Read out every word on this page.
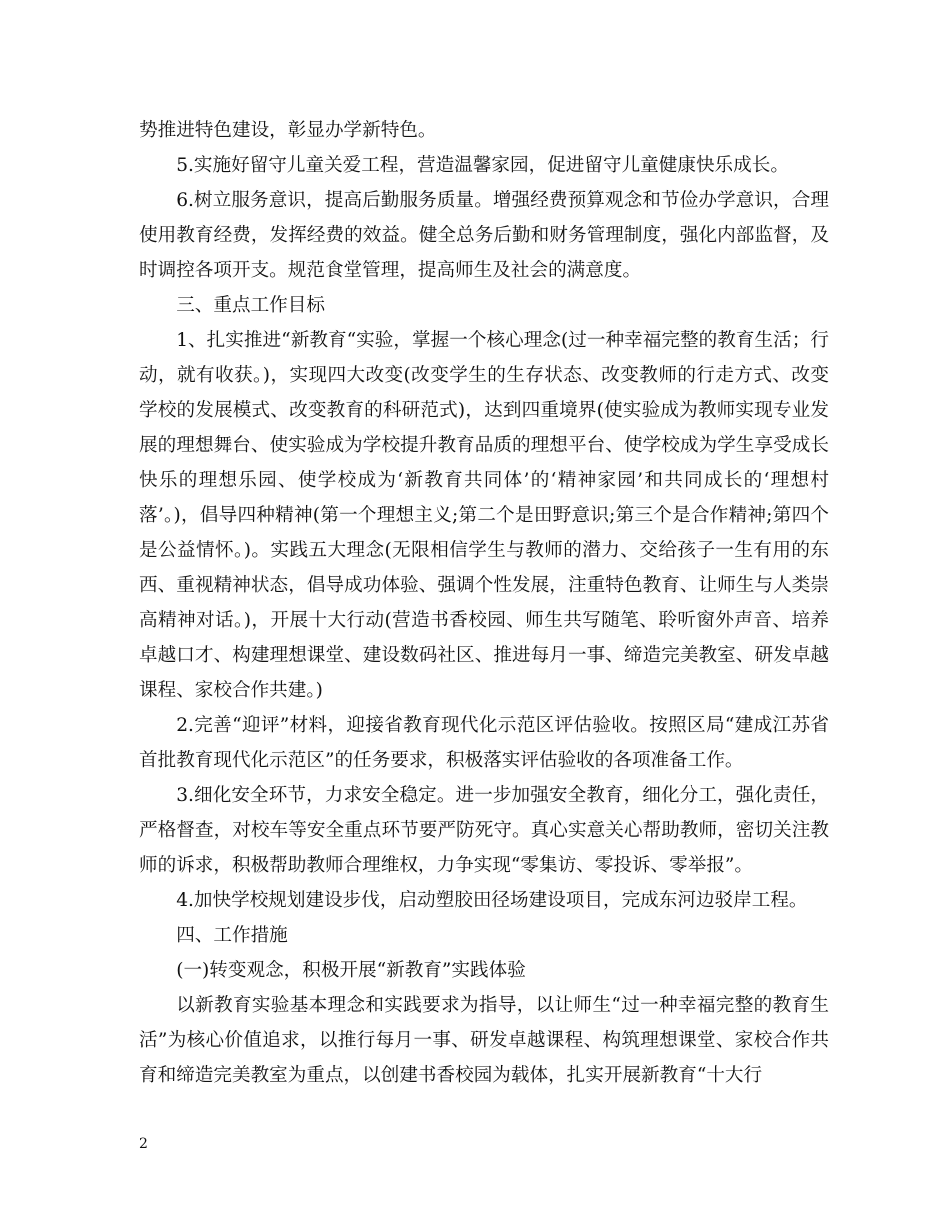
势推进特色建设，彰显办学新特色。

5.实施好留守儿童关爱工程，营造温馨家园，促进留守儿童健康快乐成长。

6.树立服务意识，提高后勤服务质量。增强经费预算观念和节俭办学意识，合理使用教育经费，发挥经费的效益。健全总务后勤和财务管理制度，强化内部监督，及时调控各项开支。规范食堂管理，提高师生及社会的满意度。

三、重点工作目标

1、扎实推进“新教育“实验，掌握一个核心理念(过一种幸福完整的教育生活；行动，就有收获。)，实现四大改变(改变学生的生存状态、改变教师的行走方式、改变学校的发展模式、改变教育的科研范式)，达到四重境界(使实验成为教师实现专业发展的理想舞台、使实验成为学校提升教育品质的理想平台、使学校成为学生享受成长快乐的理想乐园、使学校成为‘新教育共同体’的‘精神家园’和共同成长的‘理想村落’。)，倡导四种精神(第一个理想主义;第二个是田野意识;第三个是合作精神;第四个是公益情怀。)。实践五大理念(无限相信学生与教师的潜力、交给孩子一生有用的东西、重视精神状态，倡导成功体验、强调个性发展，注重特色教育、让师生与人类崇高精神对话。)，开展十大行动(营造书香校园、师生共写随笔、聆听窗外声音、培养卓越口才、构建理想课堂、建设数码社区、推进每月一事、缔造完美教室、研发卓越课程、家校合作共建。)

2.完善“迎评”材料，迎接省教育现代化示范区评估验收。按照区局“建成江苏省首批教育现代化示范区”的任务要求，积极落实评估验收的各项准备工作。

3.细化安全环节，力求安全稳定。进一步加强安全教育，细化分工，强化责任，严格督查，对校车等安全重点环节要严防死守。真心实意关心帮助教师，密切关注教师的诉求，积极帮助教师合理维权，力争实现“零集访、零投诉、零举报”。

4.加快学校规划建设步伐，启动塑胶田径场建设项目，完成东河边驳岸工程。

四、工作措施

(一)转变观念，积极开展“新教育”实践体验

以新教育实验基本理念和实践要求为指导，以让师生“过一种幸福完整的教育生活”为核心价值追求，以推行每月一事、研发卓越课程、构筑理想课堂、家校合作共育和缔造完美教室为重点，以创建书香校园为载体，扎实开展新教育“十大行

2
